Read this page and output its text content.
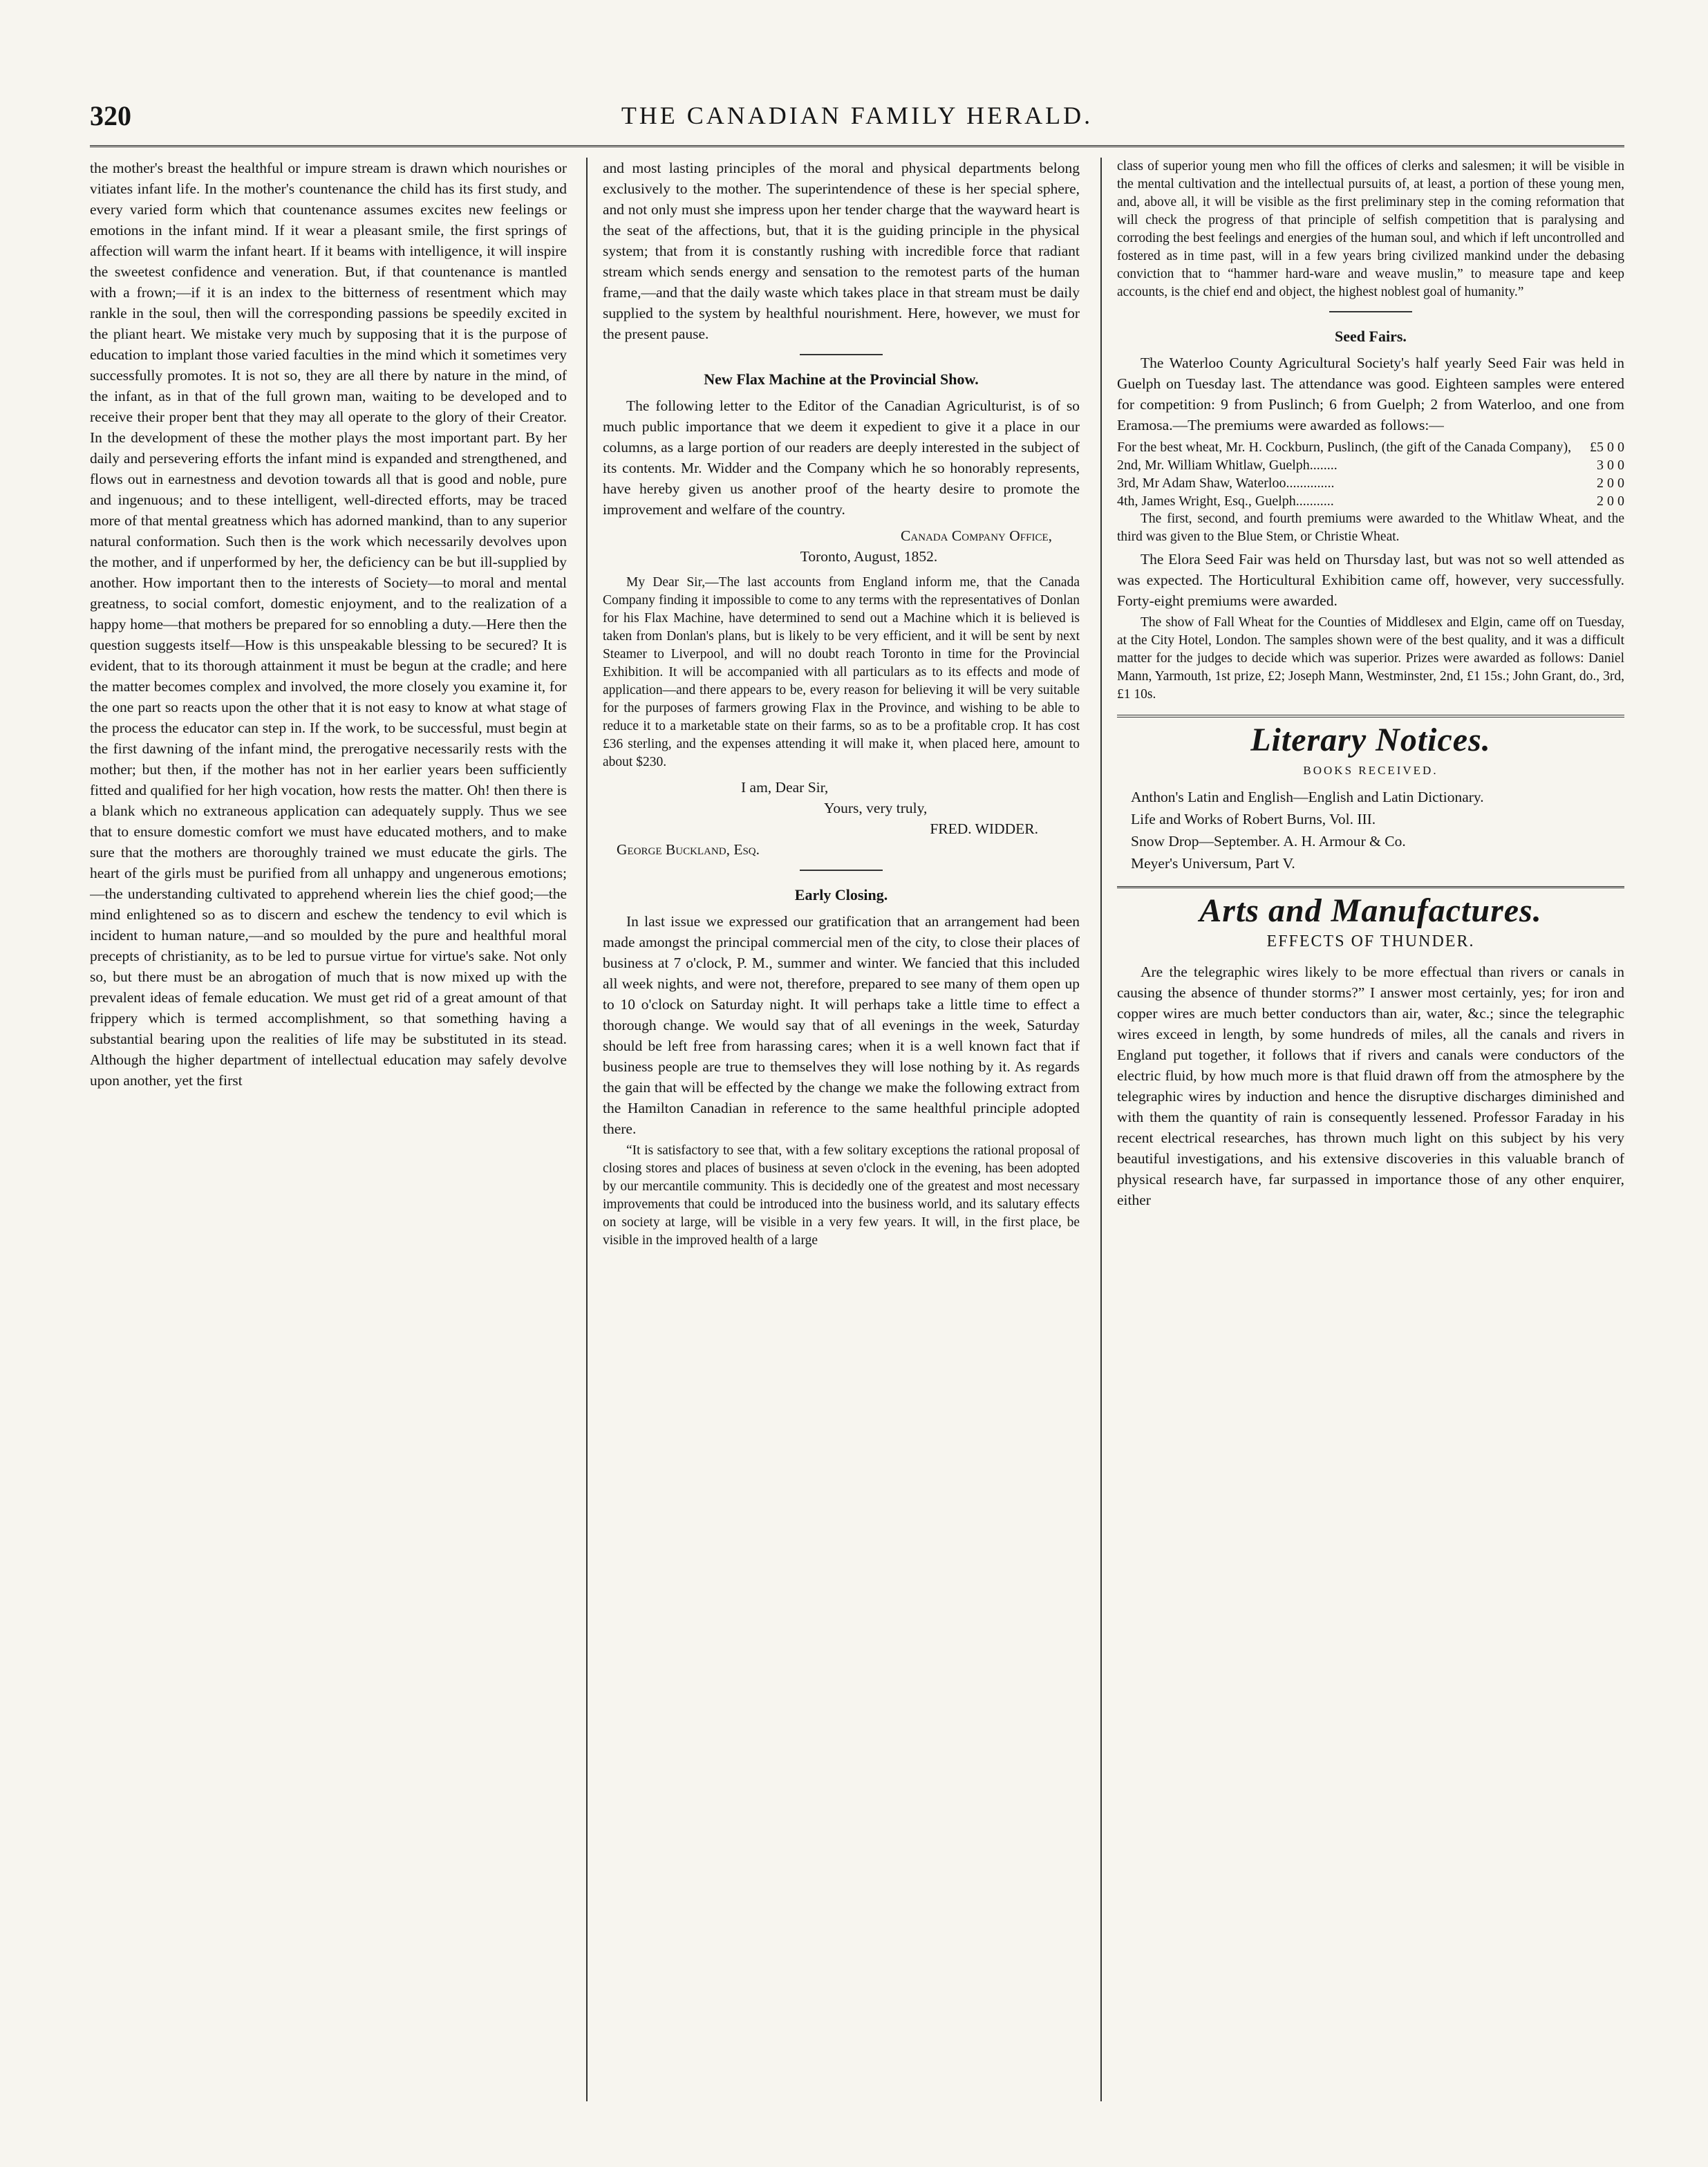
320	THE CANADIAN FAMILY HERALD.

the mother's breast the healthful or impure stream is drawn which nourishes or vitiates infant life. In the mother's countenance the child has its first study, and every varied form which that countenance assumes excites new feelings or emotions in the infant mind. If it wear a pleasant smile, the first springs of affection will warm the infant heart. If it beams with intelligence, it will inspire the sweetest confidence and veneration. But, if that countenance is mantled with a frown;—if it is an index to the bitterness of resentment which may rankle in the soul, then will the corresponding passions be speedily excited in the pliant heart. We mistake very much by supposing that it is the purpose of education to implant those varied faculties in the mind which it sometimes very successfully promotes. It is not so, they are all there by nature in the mind, of the infant, as in that of the full grown man, waiting to be developed and to receive their proper bent that they may all operate to the glory of their Creator. In the development of these the mother plays the most important part. By her daily and persevering efforts the infant mind is expanded and strengthened, and flows out in earnestness and devotion towards all that is good and noble, pure and ingenuous; and to these intelligent, well-directed efforts, may be traced more of that mental greatness which has adorned mankind, than to any superior natural conformation. Such then is the work which necessarily devolves upon the mother, and if unperformed by her, the deficiency can be but ill-supplied by another. How important then to the interests of Society—to moral and mental greatness, to social comfort, domestic enjoyment, and to the realization of a happy home—that mothers be prepared for so ennobling a duty.—Here then the question suggests itself—How is this unspeakable blessing to be secured? It is evident, that to its thorough attainment it must be begun at the cradle; and here the matter becomes complex and involved, the more closely you examine it, for the one part so reacts upon the other that it is not easy to know at what stage of the process the educator can step in. If the work, to be successful, must begin at the first dawning of the infant mind, the prerogative necessarily rests with the mother; but then, if the mother has not in her earlier years been sufficiently fitted and qualified for her high vocation, how rests the matter. Oh! then there is a blank which no extraneous application can adequately supply. Thus we see that to ensure domestic comfort we must have educated mothers, and to make sure that the mothers are thoroughly trained we must educate the girls. The heart of the girls must be purified from all unhappy and ungenerous emotions;—the understanding cultivated to apprehend wherein lies the chief good;—the mind enlightened so as to discern and eschew the tendency to evil which is incident to human nature,—and so moulded by the pure and healthful moral precepts of christianity, as to be led to pursue virtue for virtue's sake. Not only so, but there must be an abrogation of much that is now mixed up with the prevalent ideas of female education. We must get rid of a great amount of that frippery which is termed accomplishment, so that something having a substantial bearing upon the realities of life may be substituted in its stead. Although the higher department of intellectual education may safely devolve upon another, yet the first

and most lasting principles of the moral and physical departments belong exclusively to the mother. The superintendence of these is her special sphere, and not only must she impress upon her tender charge that the wayward heart is the seat of the affections, but, that it is the guiding principle in the physical system; that from it is constantly rushing with incredible force that radiant stream which sends energy and sensation to the remotest parts of the human frame,—and that the daily waste which takes place in that stream must be daily supplied to the system by healthful nourishment. Here, however, we must for the present pause.

New Flax Machine at the Provincial Show.

The following letter to the Editor of the Canadian Agriculturist, is of so much public importance that we deem it expedient to give it a place in our columns, as a large portion of our readers are deeply interested in the subject of its contents. Mr. Widder and the Company which he so honorably represents, have hereby given us another proof of the hearty desire to promote the improvement and welfare of the country.

Canada Company Office,

Toronto, August, 1852.

My Dear Sir,—The last accounts from England inform me, that the Canada Company finding it impossible to come to any terms with the representatives of Donlan for his Flax Machine, have determined to send out a Machine which it is believed is taken from Donlan's plans, but is likely to be very efficient, and it will be sent by next Steamer to Liverpool, and will no doubt reach Toronto in time for the Provincial Exhibition. It will be accompanied with all particulars as to its effects and mode of application—and there appears to be, every reason for believing it will be very suitable for the purposes of farmers growing Flax in the Province, and wishing to be able to reduce it to a marketable state on their farms, so as to be a profitable crop. It has cost £36 sterling, and the expenses attending it will make it, when placed here, amount to about $230.

I am, Dear Sir,

Yours, very truly,

FRED. WIDDER.

George Buckland, Esq.

Early Closing.

In last issue we expressed our gratification that an arrangement had been made amongst the principal commercial men of the city, to close their places of business at 7 o'clock, P. M., summer and winter. We fancied that this included all week nights, and were not, therefore, prepared to see many of them open up to 10 o'clock on Saturday night. It will perhaps take a little time to effect a thorough change. We would say that of all evenings in the week, Saturday should be left free from harassing cares; when it is a well known fact that if business people are true to themselves they will lose nothing by it. As regards the gain that will be effected by the change we make the following extract from the Hamilton Canadian in reference to the same healthful principle adopted there.

“It is satisfactory to see that, with a few solitary exceptions the rational proposal of closing stores and places of business at seven o'clock in the evening, has been adopted by our mercantile community. This is decidedly one of the greatest and most necessary improvements that could be introduced into the business world, and its salutary effects on society at large, will be visible in a very few years. It will, in the first place, be visible in the improved health of a large

class of superior young men who fill the offices of clerks and salesmen; it will be visible in the mental cultivation and the intellectual pursuits of, at least, a portion of these young men, and, above all, it will be visible as the first preliminary step in the coming reformation that will check the progress of that principle of selfish competition that is paralysing and corroding the best feelings and energies of the human soul, and which if left uncontrolled and fostered as in time past, will in a few years bring civilized mankind under the debasing conviction that to “hammer hard-ware and weave muslin,” to measure tape and keep accounts, is the chief end and object, the highest noblest goal of humanity.”

Seed Fairs.

The Waterloo County Agricultural Society's half yearly Seed Fair was held in Guelph on Tuesday last. The attendance was good. Eighteen samples were entered for competition: 9 from Puslinch; 6 from Guelph; 2 from Waterloo, and one from Eramosa.—The premiums were awarded as follows:—

For the best wheat, Mr. H. Cockburn, Puslinch, (the gift of the Canada Company),	£5 0 0
2nd, Mr. William Whitlaw, Guelph........	3 0 0
3rd, Mr Adam Shaw, Waterloo..............	2 0 0
4th, James Wright, Esq., Guelph...........	2 0 0

The first, second, and fourth premiums were awarded to the Whitlaw Wheat, and the third was given to the Blue Stem, or Christie Wheat.

The Elora Seed Fair was held on Thursday last, but was not so well attended as was expected. The Horticultural Exhibition came off, however, very successfully. Forty-eight premiums were awarded.

The show of Fall Wheat for the Counties of Middlesex and Elgin, came off on Tuesday, at the City Hotel, London. The samples shown were of the best quality, and it was a difficult matter for the judges to decide which was superior. Prizes were awarded as follows: Daniel Mann, Yarmouth, 1st prize, £2; Joseph Mann, Westminster, 2nd, £1 15s.; John Grant, do., 3rd, £1 10s.

Literary Notices.
BOOKS RECEIVED.

Anthon's Latin and English—English and Latin Dictionary.

Life and Works of Robert Burns, Vol. III.

Snow Drop—September. A. H. Armour & Co.

Meyer's Universum, Part V.

Arts and Manufactures.
EFFECTS OF THUNDER.

Are the telegraphic wires likely to be more effectual than rivers or canals in causing the absence of thunder storms?” I answer most certainly, yes; for iron and copper wires are much better conductors than air, water, &c.; since the telegraphic wires exceed in length, by some hundreds of miles, all the canals and rivers in England put together, it follows that if rivers and canals were conductors of the electric fluid, by how much more is that fluid drawn off from the atmosphere by the telegraphic wires by induction and hence the disruptive discharges diminished and with them the quantity of rain is consequently lessened. Professor Faraday in his recent electrical researches, has thrown much light on this subject by his very beautiful investigations, and his extensive discoveries in this valuable branch of physical research have, far surpassed in importance those of any other enquirer, either
